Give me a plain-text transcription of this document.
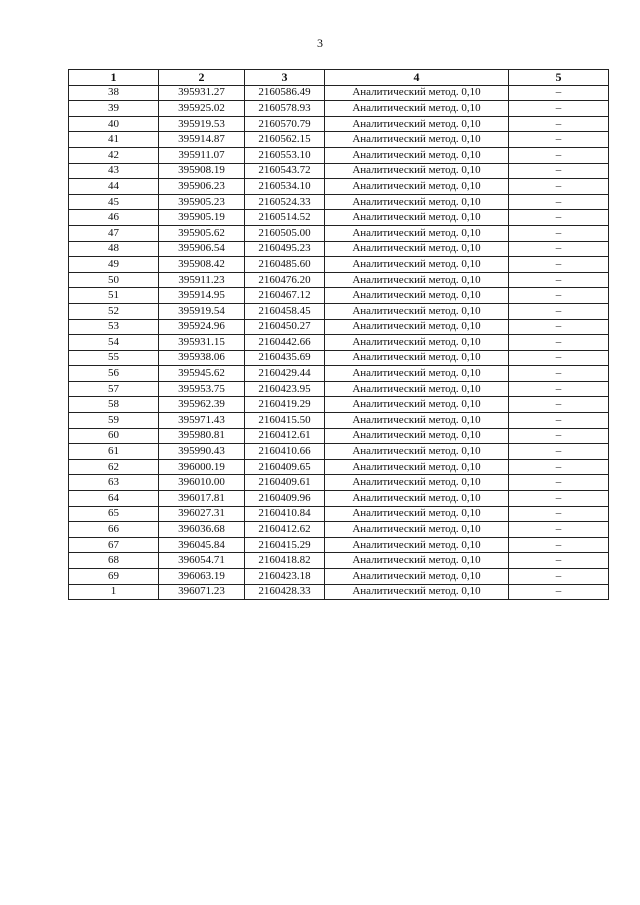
3
1	2	3	4	5
38	395931.27	2160586.49	Аналитический метод. 0,10	–
39	395925.02	2160578.93	Аналитический метод. 0,10	–
40	395919.53	2160570.79	Аналитический метод. 0,10	–
41	395914.87	2160562.15	Аналитический метод. 0,10	–
42	395911.07	2160553.10	Аналитический метод. 0,10	–
43	395908.19	2160543.72	Аналитический метод. 0,10	–
44	395906.23	2160534.10	Аналитический метод. 0,10	–
45	395905.23	2160524.33	Аналитический метод. 0,10	–
46	395905.19	2160514.52	Аналитический метод. 0,10	–
47	395905.62	2160505.00	Аналитический метод. 0,10	–
48	395906.54	2160495.23	Аналитический метод. 0,10	–
49	395908.42	2160485.60	Аналитический метод. 0,10	–
50	395911.23	2160476.20	Аналитический метод. 0,10	–
51	395914.95	2160467.12	Аналитический метод. 0,10	–
52	395919.54	2160458.45	Аналитический метод. 0,10	–
53	395924.96	2160450.27	Аналитический метод. 0,10	–
54	395931.15	2160442.66	Аналитический метод. 0,10	–
55	395938.06	2160435.69	Аналитический метод. 0,10	–
56	395945.62	2160429.44	Аналитический метод. 0,10	–
57	395953.75	2160423.95	Аналитический метод. 0,10	–
58	395962.39	2160419.29	Аналитический метод. 0,10	–
59	395971.43	2160415.50	Аналитический метод. 0,10	–
60	395980.81	2160412.61	Аналитический метод. 0,10	–
61	395990.43	2160410.66	Аналитический метод. 0,10	–
62	396000.19	2160409.65	Аналитический метод. 0,10	–
63	396010.00	2160409.61	Аналитический метод. 0,10	–
64	396017.81	2160409.96	Аналитический метод. 0,10	–
65	396027.31	2160410.84	Аналитический метод. 0,10	–
66	396036.68	2160412.62	Аналитический метод. 0,10	–
67	396045.84	2160415.29	Аналитический метод. 0,10	–
68	396054.71	2160418.82	Аналитический метод. 0,10	–
69	396063.19	2160423.18	Аналитический метод. 0,10	–
1	396071.23	2160428.33	Аналитический метод. 0,10	–
